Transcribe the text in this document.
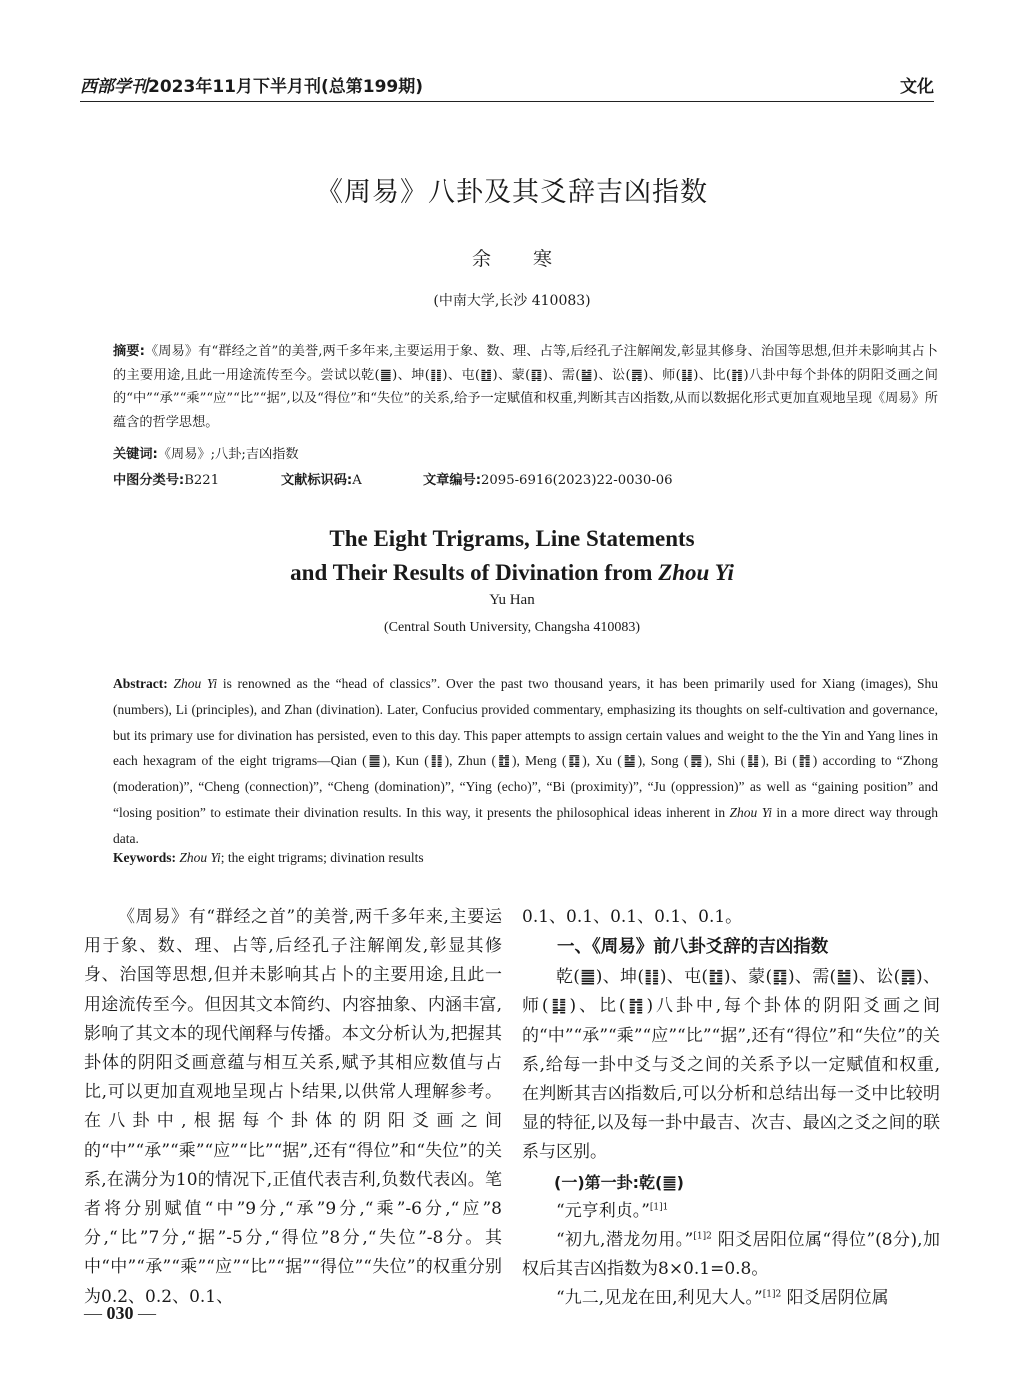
西部学刊2023年11月下半月刊(总第199期)	文化
《周易》八卦及其爻辞吉凶指数
余 寒
(中南大学,长沙 410083)
摘要:《周易》有“群经之首”的美誉,两千多年来,主要运用于象、数、理、占等,后经孔子注解阐发,彰显其修身、治国等思想,但并未影响其占卜的主要用途,且此一用途流传至今。尝试以乾(䷀)、坤(䷁)、屯(䷂)、蒙(䷃)、需(䷄)、讼(䷅)、师(䷆)、比(䷇)八卦中每个卦体的阴阳爻画之间的“中”“承”“乘”“应”“比”“据”,以及“得位”和“失位”的关系,给予一定赋值和权重,判断其吉凶指数,从而以数据化形式更加直观地呈现《周易》所蕴含的哲学思想。
关键词:《周易》;八卦;吉凶指数
中图分类号:B221	文献标识码:A	文章编号:2095-6916(2023)22-0030-06
The Eight Trigrams, Line Statements
and Their Results of Divination from Zhou Yi
Yu Han
(Central South University, Changsha 410083)
Abstract: Zhou Yi is renowned as the “head of classics”. Over the past two thousand years, it has been primarily used for Xiang (images), Shu (numbers), Li (principles), and Zhan (divination). Later, Confucius provided commentary, emphasizing its thoughts on self-cultivation and governance, but its primary use for divination has persisted, even to this day. This paper attempts to assign certain values and weight to the the Yin and Yang lines in each hexagram of the eight trigrams—Qian (䷀), Kun (䷁), Zhun (䷂), Meng (䷃), Xu (䷄), Song (䷅), Shi (䷆), Bi (䷇) according to “Zhong (moderation)”, “Cheng (connection)”, “Cheng (domination)”, “Ying (echo)”, “Bi (proximity)”, “Ju (oppression)” as well as “gaining position” and “losing position” to estimate their divination results. In this way, it presents the philosophical ideas inherent in Zhou Yi in a more direct way through data.
Keywords: Zhou Yi; the eight trigrams; divination results

《周易》有“群经之首”的美誉,两千多年来,主要运用于象、数、理、占等,后经孔子注解阐发,彰显其修身、治国等思想,但并未影响其占卜的主要用途,且此一用途流传至今。但因其文本简约、内容抽象、内涵丰富,影响了其文本的现代阐释与传播。本文分析认为,把握其卦体的阴阳爻画意蕴与相互关系,赋予其相应数值与占比,可以更加直观地呈现占卜结果,以供常人理解参考。在八卦中,根据每个卦体的阴阳爻画之间的“中”“承”“乘”“应”“比”“据”,还有“得位”和“失位”的关系,在满分为10的情况下,正值代表吉利,负数代表凶。笔者将分别赋值“中”9分,“承”9分,“乘”-6分,“应”8分,“比”7分,“据”-5分,“得位”8分,“失位”-8分。其中“中”“承”“乘”“应”“比”“据”“得位”“失位”的权重分别为0.2、0.2、0.1、

0.1、0.1、0.1、0.1、0.1。

一、《周易》前八卦爻辞的吉凶指数

乾(䷀)、坤(䷁)、屯(䷂)、蒙(䷃)、需(䷄)、讼(䷅)、师(䷆)、比(䷇)八卦中,每个卦体的阴阳爻画之间的“中”“承”“乘”“应”“比”“据”,还有“得位”和“失位”的关系,给每一卦中爻与爻之间的关系予以一定赋值和权重,在判断其吉凶指数后,可以分析和总结出每一爻中比较明显的特征,以及每一卦中最吉、次吉、最凶之爻之间的联系与区别。

(一)第一卦:乾(䷀)

“元亨利贞。”$^{[1]1}$

“初九,潜龙勿用。”$^{[1]2}$ 阳爻居阳位属“得位”(8分),加权后其吉凶指数为8×0.1=0.8。

“九二,见龙在田,利见大人。”$^{[1]2}$ 阳爻居阴位属

— 030 —
